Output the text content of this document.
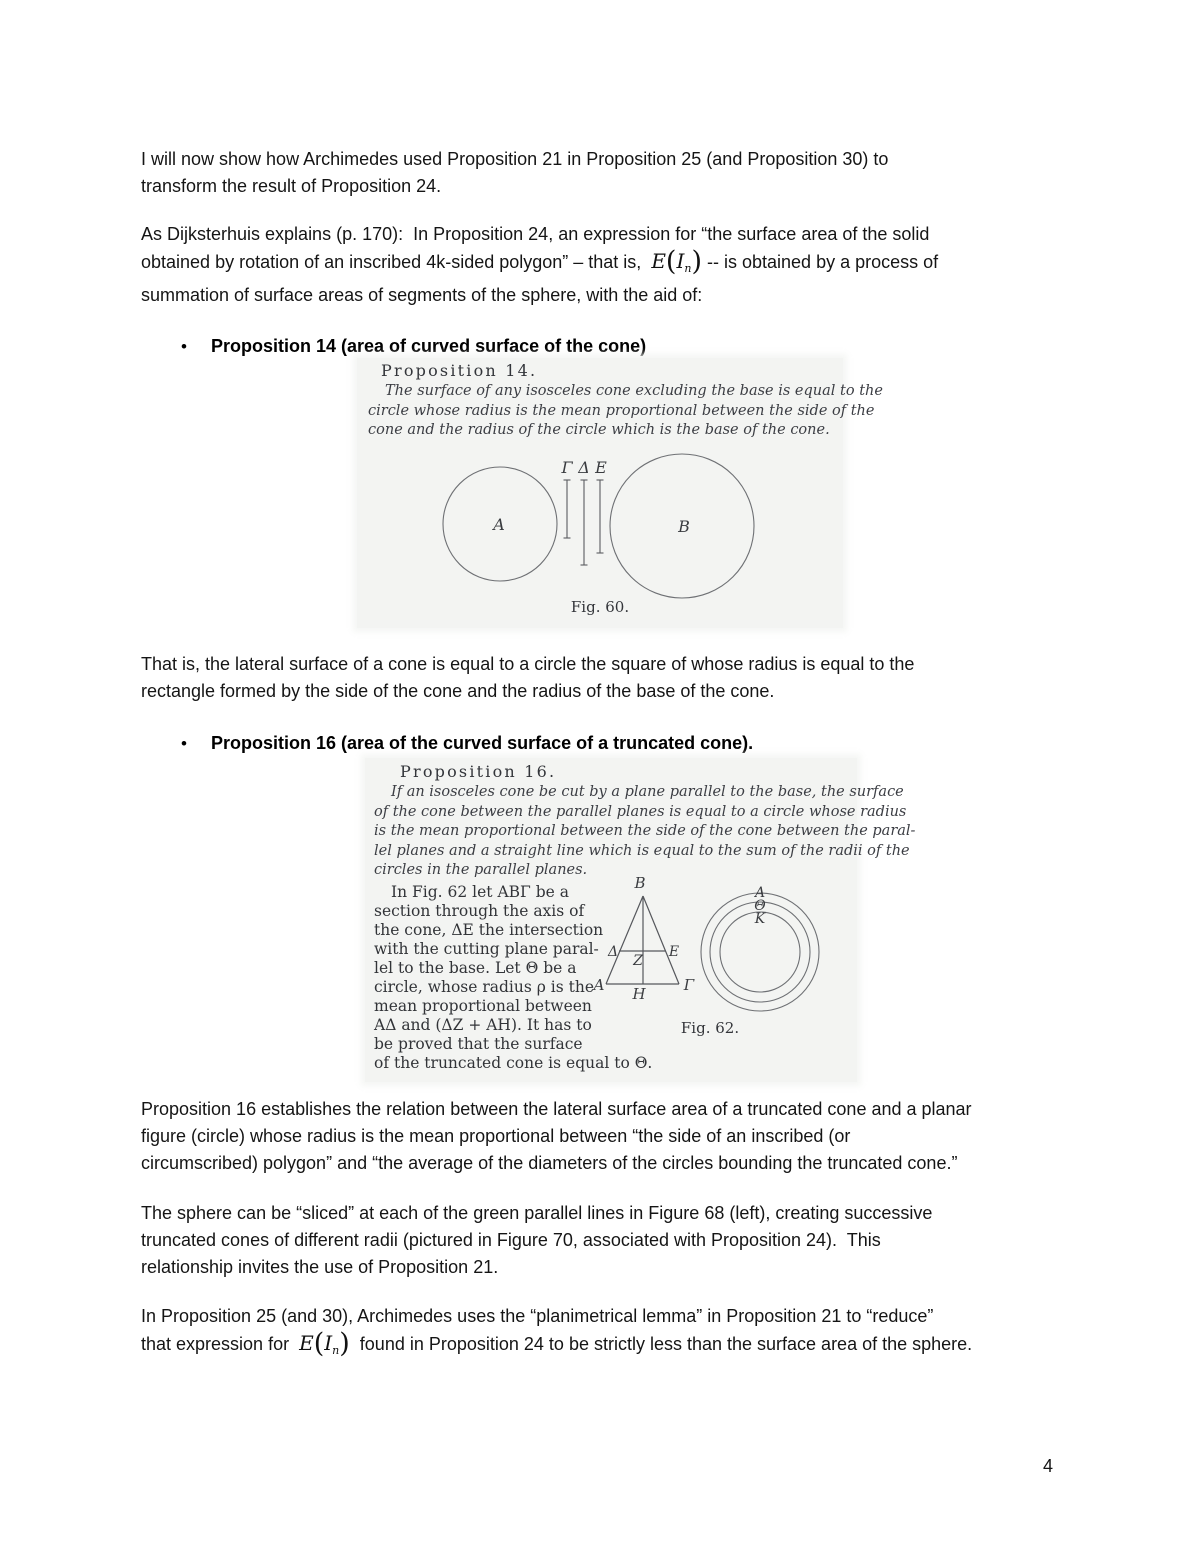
I will now show how Archimedes used Proposition 21 in Proposition 25 (and Proposition 30) to
transform the result of Proposition 24.
As Dijksterhuis explains (p. 170):  In Proposition 24, an expression for “the surface area of the solid
obtained by rotation of an inscribed 4k-sided polygon” – that is, $E(I_n)$ -- is obtained by a process of
summation of surface areas of segments of the sphere, with the aid of:
• Proposition 14 (area of curved surface of the cone)
Proposition 14.
The surface of any isosceles cone excluding the base is equal to the
circle whose radius is the mean proportional between the side of the
cone and the radius of the circle which is the base of the cone.
Γ Δ E
A	B
Fig. 60.
That is, the lateral surface of a cone is equal to a circle the square of whose radius is equal to the
rectangle formed by the side of the cone and the radius of the base of the cone.
• Proposition 16 (area of the curved surface of a truncated cone).
Proposition 16.
If an isosceles cone be cut by a plane parallel to the base, the surface
of the cone between the parallel planes is equal to a circle whose radius
is the mean proportional between the side of the cone between the paral-
lel planes and a straight line which is equal to the sum of the radii of the
circles in the parallel planes.
In Fig. 62 let ABΓ be a
section through the axis of
the cone, ΔE the intersection
with the cutting plane paral-
lel to the base. Let Θ be a
circle, whose radius ρ is the
mean proportional between
AΔ and (ΔZ + AH). It has to
be proved that the surface
of the truncated cone is equal to Θ.
B
Δ	E
Z
A	Γ
H
A
Θ
K
Fig. 62.
Proposition 16 establishes the relation between the lateral surface area of a truncated cone and a planar
figure (circle) whose radius is the mean proportional between “the side of an inscribed (or
circumscribed) polygon” and “the average of the diameters of the circles bounding the truncated cone.”
The sphere can be “sliced” at each of the green parallel lines in Figure 68 (left), creating successive
truncated cones of different radii (pictured in Figure 70, associated with Proposition 24).  This
relationship invites the use of Proposition 21.
In Proposition 25 (and 30), Archimedes uses the “planimetrical lemma” in Proposition 21 to “reduce”
that expression for $E(I_n)$ found in Proposition 24 to be strictly less than the surface area of the sphere.
4
